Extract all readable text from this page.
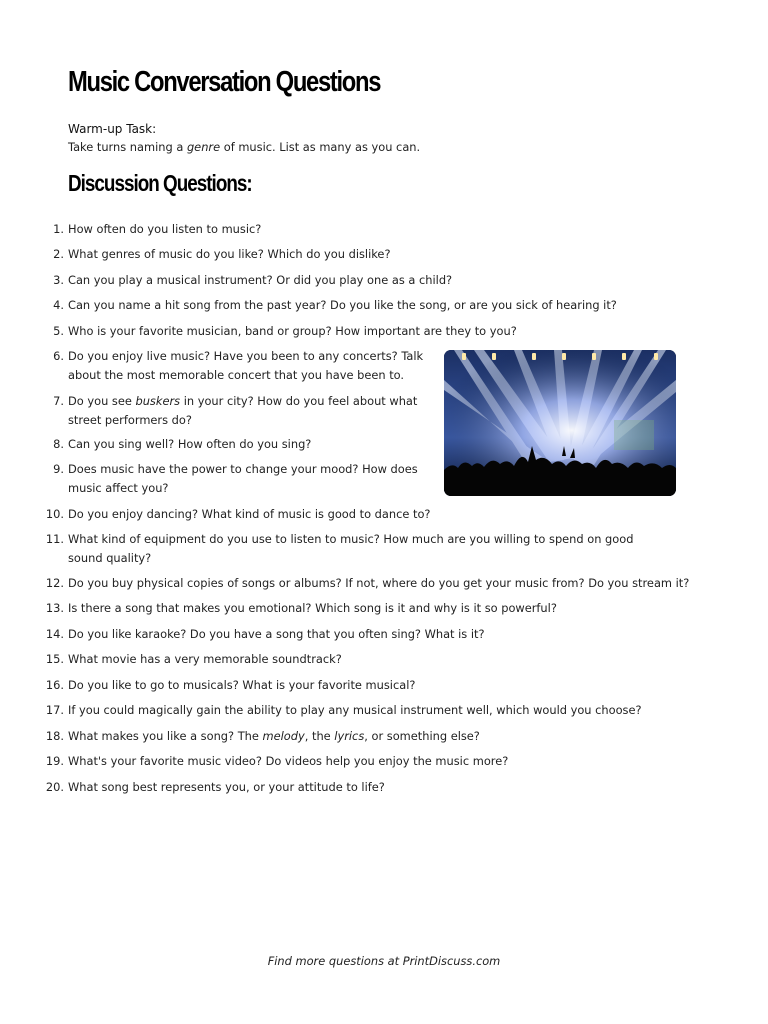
Music Conversation Questions
Warm-up Task:
Take turns naming a genre of music. List as many as you can.
Discussion Questions:
1. How often do you listen to music?
2. What genres of music do you like? Which do you dislike?
3. Can you play a musical instrument? Or did you play one as a child?
4. Can you name a hit song from the past year? Do you like the song, or are you sick of hearing it?
5. Who is your favorite musician, band or group? How important are they to you?
6. Do you enjoy live music? Have you been to any concerts? Talk about the most memorable concert that you have been to.
7. Do you see buskers in your city? How do you feel about what street performers do?
8. Can you sing well? How often do you sing?
9. Does music have the power to change your mood? How does music affect you?
10. Do you enjoy dancing? What kind of music is good to dance to?
11. What kind of equipment do you use to listen to music? How much are you willing to spend on good sound quality?
12. Do you buy physical copies of songs or albums? If not, where do you get your music from? Do you stream it?
13. Is there a song that makes you emotional? Which song is it and why is it so powerful?
14. Do you like karaoke? Do you have a song that you often sing? What is it?
15. What movie has a very memorable soundtrack?
16. Do you like to go to musicals? What is your favorite musical?
17. If you could magically gain the ability to play any musical instrument well, which would you choose?
18. What makes you like a song? The melody, the lyrics, or something else?
19. What's your favorite music video? Do videos help you enjoy the music more?
20. What song best represents you, or your attitude to life?
Find more questions at PrintDiscuss.com
